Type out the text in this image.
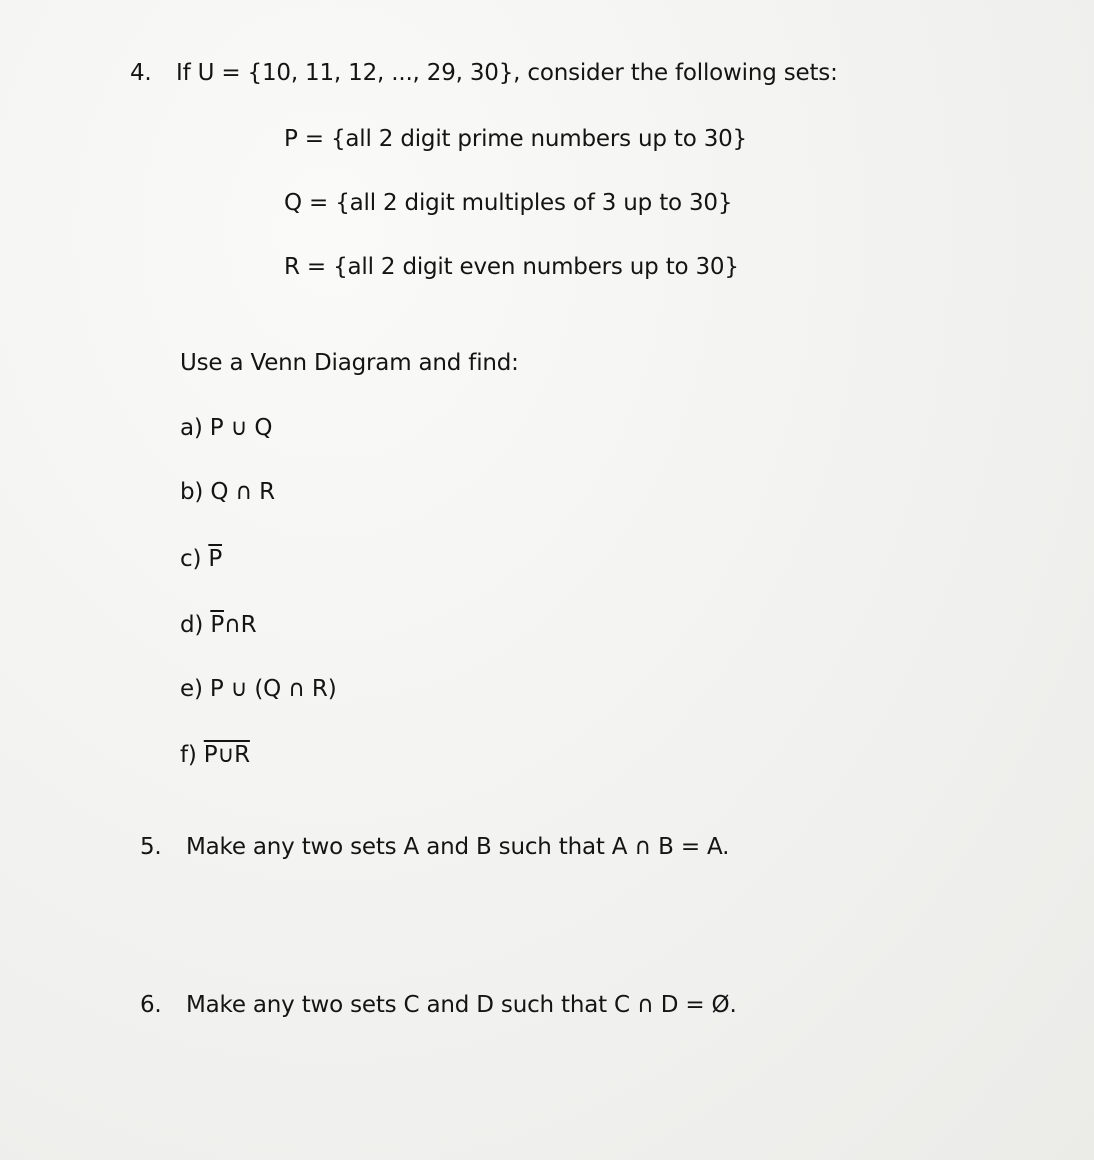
4. If U = {10, 11, 12, ..., 29, 30}, consider the following sets:
P = {all 2 digit prime numbers up to 30}
Q = {all 2 digit multiples of 3 up to 30}
R = {all 2 digit even numbers up to 30}
Use a Venn Diagram and find:
a) P ∪ Q
b) Q ∩ R
c) $\overline{P}$
d) $\overline{P}\cap R$
e) P ∪ (Q ∩ R)
f) P∪R
5. Make any two sets A and B such that A ∩ B = A.
6. Make any two sets C and D such that C ∩ D = Ø.
